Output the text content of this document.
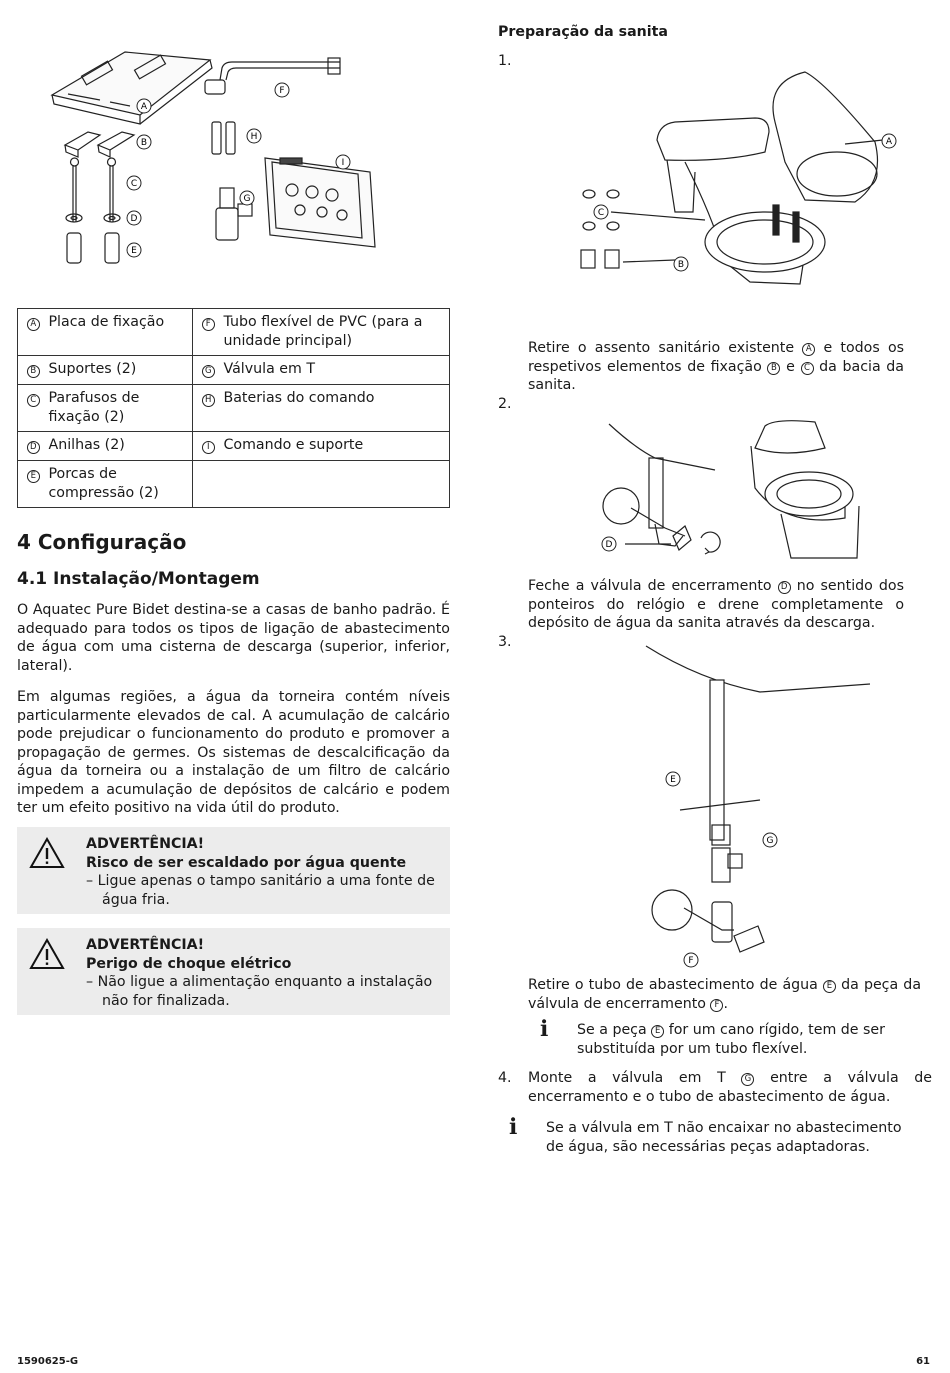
A
B
C
D
E
F
G
H
I
A	Placa de fixação	F	Tubo flexível de PVC (para a unidade principal)
B	Suportes (2)	G	Válvula em T
C	Parafusos de fixação (2)	H	Baterias do comando
D	Anilhas (2)	I	Comando e suporte
E	Porcas de compressão (2)		
4 Configuração
4.1 Instalação/Montagem
O Aquatec Pure Bidet destina-se a casas de banho padrão. É adequado para todos os tipos de ligação de abastecimento de água com uma cisterna de descarga (superior, inferior, lateral).
Em algumas regiões, a água da torneira contém níveis particularmente elevados de cal. A acumulação de calcário pode prejudicar o funcionamento do produto e promover a propagação de germes. Os sistemas de descalcificação da água da torneira ou a instalação de um filtro de calcário impedem a acumulação de depósitos de calcário e podem ter um efeito positivo na vida útil do produto.
ADVERTÊNCIA!
Risco de ser escaldado por água quente
– Ligue apenas o tampo sanitário a uma fonte de água fria.
ADVERTÊNCIA!
Perigo de choque elétrico
– Não ligue a alimentação enquanto a instalação não for finalizada.
Preparação da sanita
1.
C
B
A
Retire o assento sanitário existente A e todos os respetivos elementos de fixação B e C da bacia da sanita.
2.
D
Feche a válvula de encerramento D no sentido dos ponteiros do relógio e drene completamente o depósito de água da sanita através da descarga.
3.
E
G
F
Retire o tubo de abastecimento de água E da peça da válvula de encerramento F .
ℹ Se a peça E for um cano rígido, tem de ser substituída por um tubo flexível.
4. Monte a válvula em T G entre a válvula de encerramento e o tubo de abastecimento de água.
ℹ Se a válvula em T não encaixar no abastecimento de água, são necessárias peças adaptadoras.
1590625-G	61
